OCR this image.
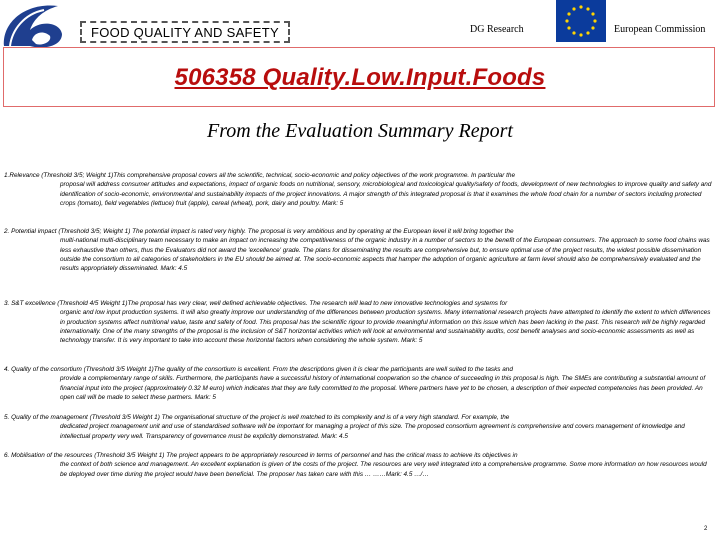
FOOD QUALITY AND SAFETY	DG Research	European Commission
506358 Quality.Low.Input.Foods
From the Evaluation Summary Report

1.Relevance (Threshold 3/5; Weight 1)This comprehensive proposal covers all the scientific, technical, socio-economic and policy objectives of the work programme. In particular the
proposal will address consumer attitudes and expectations, impact of organic foods on nutritional, sensory, microbiological and toxicological quality/safety of foods, development of new technologies to improve quality and safety and identification of socio-economic, environmental and sustainability impacts of the project innovations. A major strength of this integrated proposal is that it examines the whole food chain for a number of sectors including protected crops (tomato), field vegetables (lettuce) fruit (apple), cereal (wheat), pork, dairy and poultry. Mark: 5

2. Potential impact (Threshold 3/5; Weight 1) The potential impact is rated very highly. The proposal is very ambitious and by operating at the European level it will bring together the
multi-national multi-disciplinary team necessary to make an impact on increasing the competitiveness of the organic industry in a number of sectors to the benefit of the European consumers. The approach to some food chains was less exhaustive than others, thus the Evaluators did not award the 'excellence' grade. The plans for disseminating the results are comprehensive but, to ensure optimal use of the project results, the widest possible dissemination outside the consortium to all categories of stakeholders in the EU should be aimed at. The socio-economic aspects that hamper the adoption of organic agriculture at farm level should also be comprehensively evaluated and the results appropriately disseminated. Mark: 4.5

3. S&T excellence (Threshold 4/5 Weight 1)The proposal has very clear, well defined achievable objectives. The research will lead to new innovative technologies and systems for
organic and low input production systems. It will also greatly improve our understanding of the differences between production systems. Many international research projects have attempted to identify the extent to which differences in production systems affect nutritional value, taste and safety of food. This proposal has the scientific rigour to provide meaningful information on this issue which has been lacking in the past. This research will be highly regarded internationally. One of the many strengths of the proposal is the inclusion of S&T horizontal activities which will look at environmental and sustainability audits, cost benefit analyses and socio-economic assessments as well as technology transfer. It is very important to take into account these horizontal factors when considering the whole system. Mark: 5

4. Quality of the consortium (Threshold 3/5 Weight 1)The quality of the consortium is excellent. From the descriptions given it is clear the participants are well suited to the tasks and
provide a complementary range of skills. Furthermore, the participants have a successful history of international cooperation so the chance of succeeding in this proposal is high. The SMEs are contributing a substantial amount of financial input into the project (approximately 0.32 M euro) which indicates that they are fully committed to the proposal. Where partners have yet to be chosen, a description of their expected competencies has been provided. An open call will be made to select these partners. Mark: 5

5. Quality of the management (Threshold 3/5 Weight 1) The organisational structure of the project is well matched to its complexity and is of a very high standard. For example, the
dedicated project management unit and use of standardised software will be important for managing a project of this size. The proposed consortium agreement is comprehensive and covers management of knowledge and intellectual property very well. Transparency of governance must be explicitly demonstrated. Mark: 4.5

6. Mobilisation of the resources (Threshold 3/5 Weight 1) The project appears to be appropriately resourced in terms of personnel and has the critical mass to achieve its objectives in
the context of both science and management. An excellent explanation is given of the costs of the project. The resources are very well integrated into a comprehensive programme. Some more information on how resources would be deployed over time during the project would have been beneficial. The proposer has taken care with this … ……Mark: 4.5 …/…

2
